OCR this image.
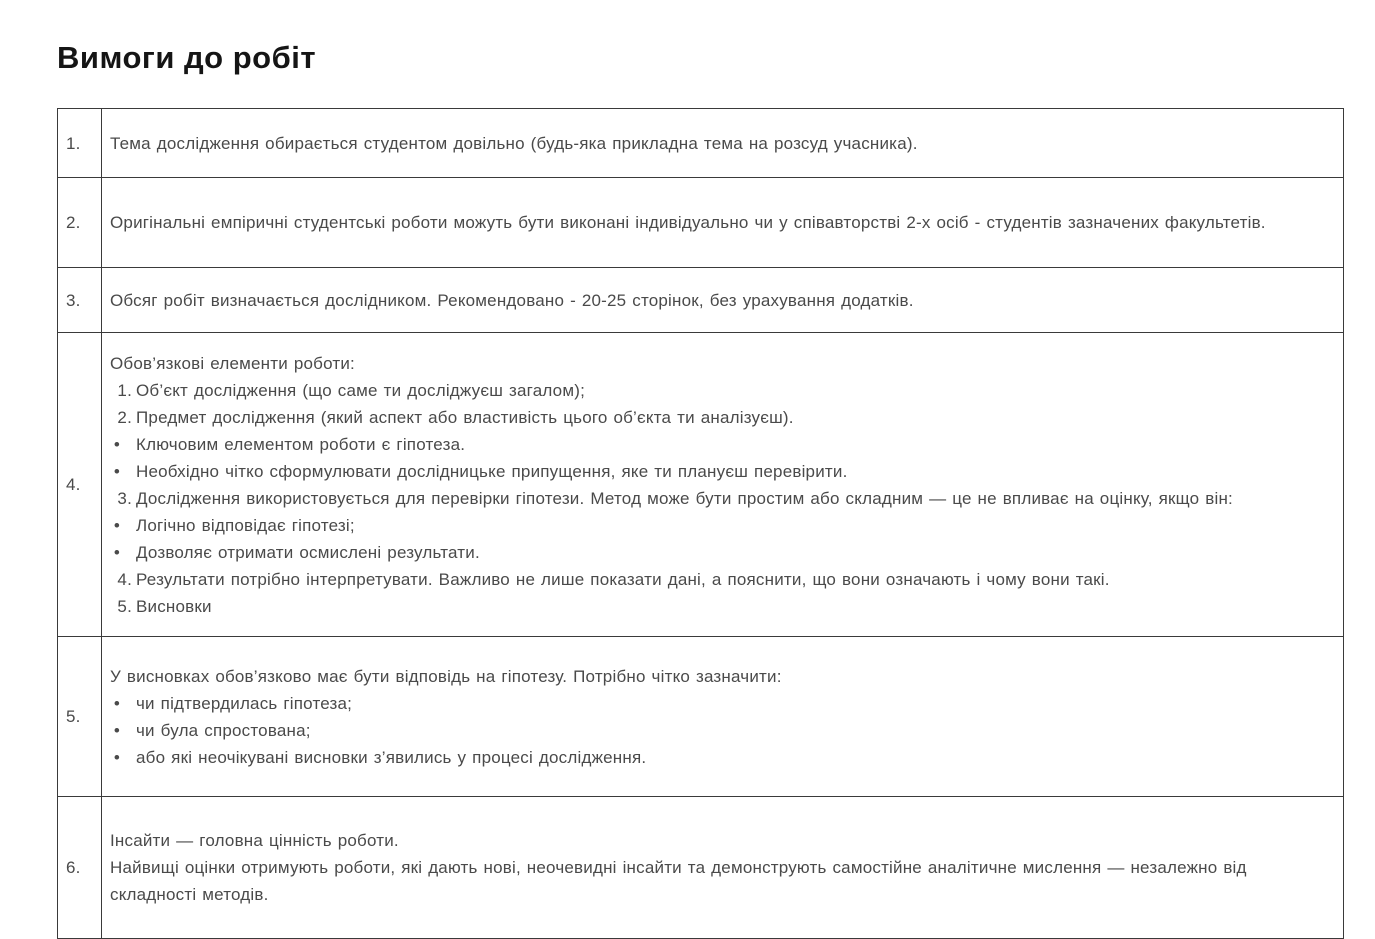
Вимоги до робіт
1.	Тема дослідження обирається студентом довільно (будь-яка прикладна тема на розсуд учасника).

2.	Оригінальні емпіричні студентські роботи можуть бути виконані індивідуально чи у співавторстві 2-х осіб - студентів зазначених факультетів.

3.	Обсяг робіт визначається дослідником. Рекомендовано - 20-25 сторінок, без урахування додатків.

4.	
Обов’язкові елементи роботи:
1. Об’єкт дослідження (що саме ти досліджуєш загалом);
2. Предмет дослідження (який аспект або властивість цього об’єкта ти аналізуєш).
• Ключовим елементом роботи є гіпотеза.
• Необхідно чітко сформулювати дослідницьке припущення, яке ти плануєш перевірити.
3. Дослідження використовується для перевірки гіпотези. Метод може бути простим або складним — це не впливає на оцінку, якщо він:
• Логічно відповідає гіпотезі;
• Дозволяє отримати осмислені результати.
4. Результати потрібно інтерпретувати. Важливо не лише показати дані, а пояснити, що вони означають і чому вони такі.
5. Висновки

5.	
У висновках обов’язково має бути відповідь на гіпотезу. Потрібно чітко зазначити:
• чи підтвердилась гіпотеза;
• чи була спростована;
• або які неочікувані висновки з’явились у процесі дослідження.

6.	Інсайти — головна цінність роботи.
Найвищі оцінки отримують роботи, які дають нові, неочевидні інсайти та демонструють самостійне аналітичне мислення — незалежно від складності методів.
